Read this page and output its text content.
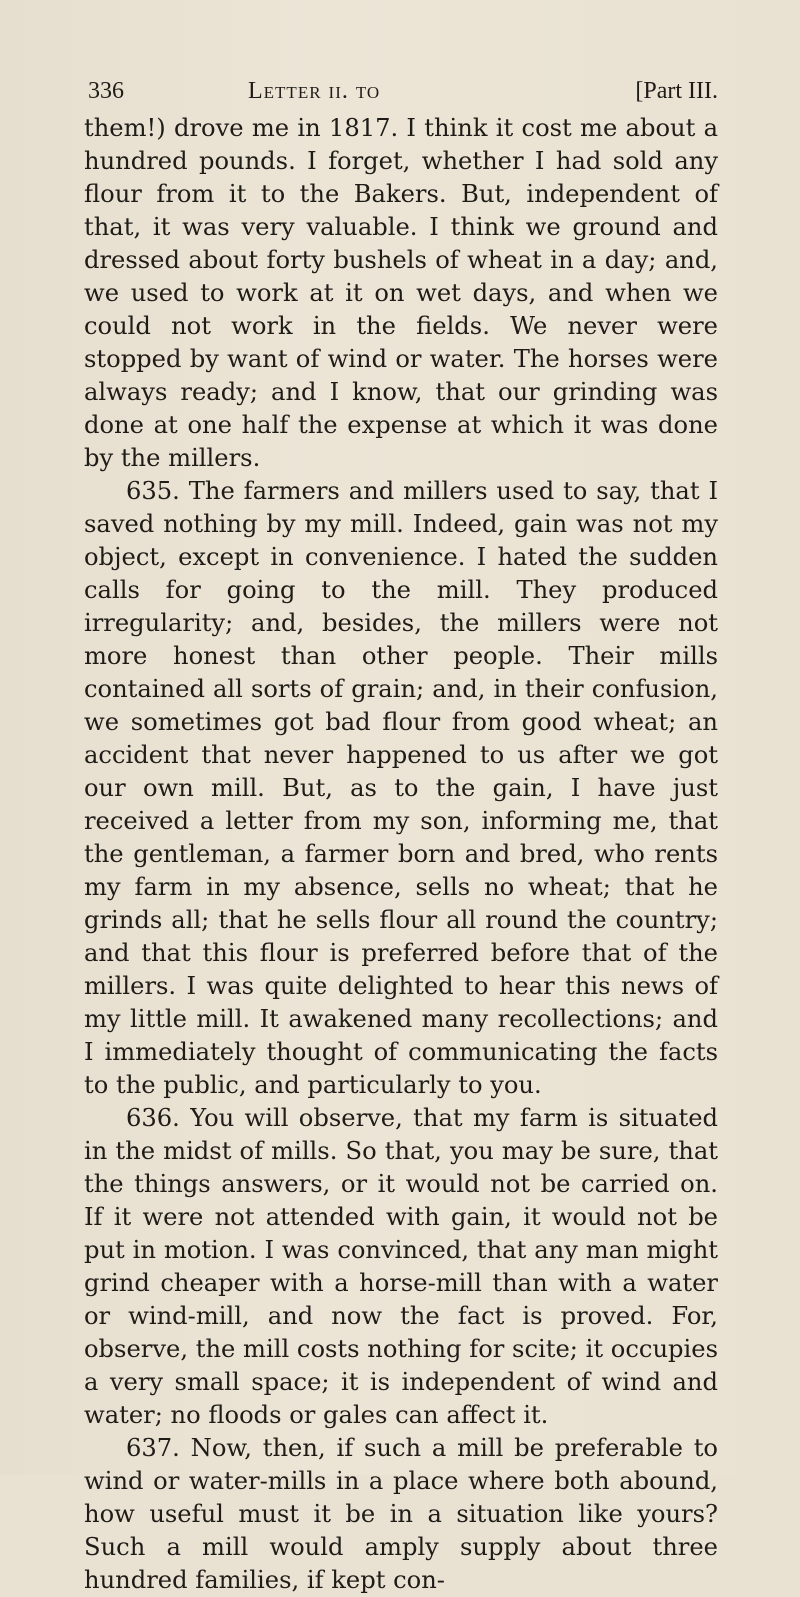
336	Letter ii. to	[Part III.

them!) drove me in 1817. I think it cost me about a hundred pounds. I forget, whether I had sold any flour from it to the Bakers. But, independent of that, it was very valuable. I think we ground and dressed about forty bushels of wheat in a day; and, we used to work at it on wet days, and when we could not work in the fields. We never were stopped by want of wind or water. The horses were always ready; and I know, that our grinding was done at one half the expense at which it was done by the millers.

635. The farmers and millers used to say, that I saved nothing by my mill. Indeed, gain was not my object, except in convenience. I hated the sudden calls for going to the mill. They produced irregularity; and, besides, the millers were not more honest than other people. Their mills contained all sorts of grain; and, in their confusion, we sometimes got bad flour from good wheat; an accident that never happened to us after we got our own mill. But, as to the gain, I have just received a letter from my son, informing me, that the gentleman, a farmer born and bred, who rents my farm in my absence, sells no wheat; that he grinds all; that he sells flour all round the country; and that this flour is preferred before that of the millers. I was quite delighted to hear this news of my little mill. It awakened many recollections; and I immediately thought of communicating the facts to the public, and particularly to you.

636. You will observe, that my farm is situated in the midst of mills. So that, you may be sure, that the things answers, or it would not be carried on. If it were not attended with gain, it would not be put in motion. I was convinced, that any man might grind cheaper with a horse-mill than with a water or wind-mill, and now the fact is proved. For, observe, the mill costs nothing for scite; it occupies a very small space; it is independent of wind and water; no floods or gales can affect it.

637. Now, then, if such a mill be preferable to wind or water-mills in a place where both abound, how useful must it be in a situation like yours? Such a mill would amply supply about three hundred families, if kept con-
